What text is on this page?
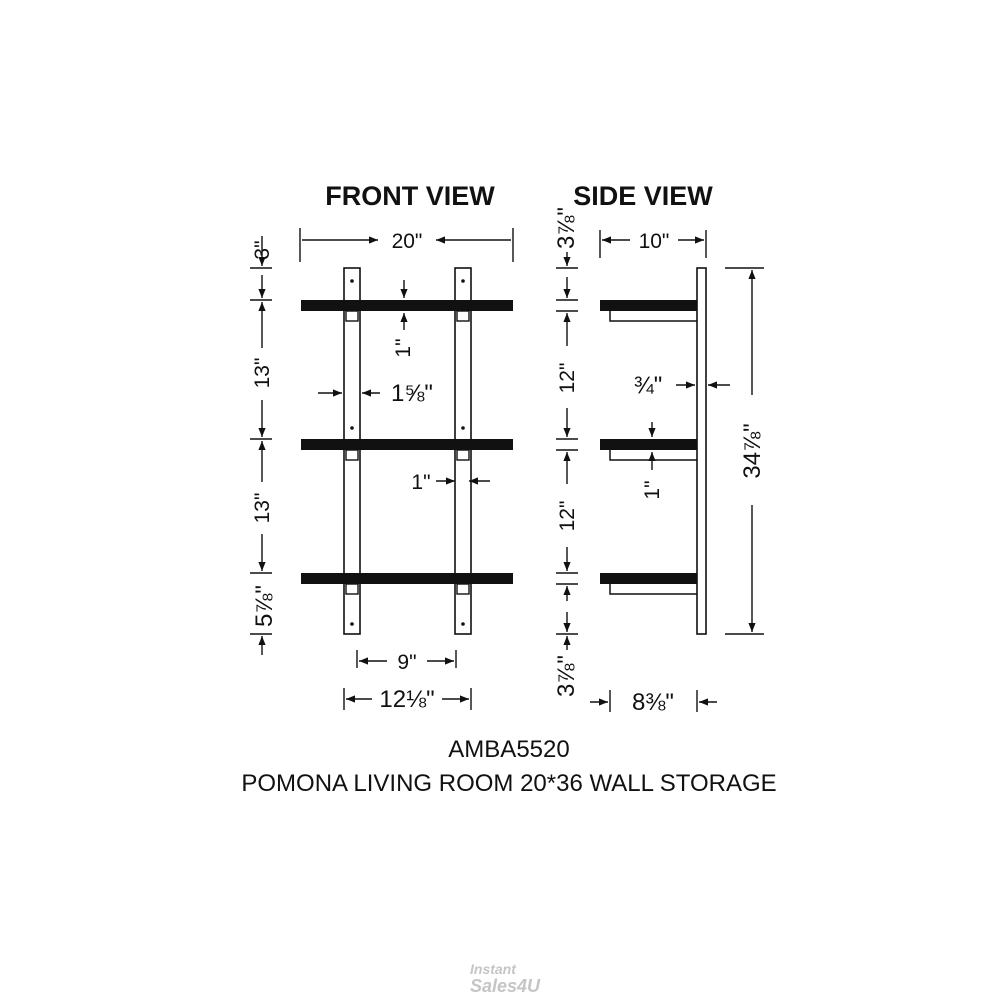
FRONT VIEW
20"
3"
13"
13"
5⅞"
1"
1⅝"
1"
9"
12⅛"
SIDE VIEW
10"
3⅞"
12"
12"
3⅞"
¾"
1"
34⅞"
8⅜"
AMBA5520
POMONA LIVING ROOM 20*36 WALL STORAGE
Instant
Sales4U
